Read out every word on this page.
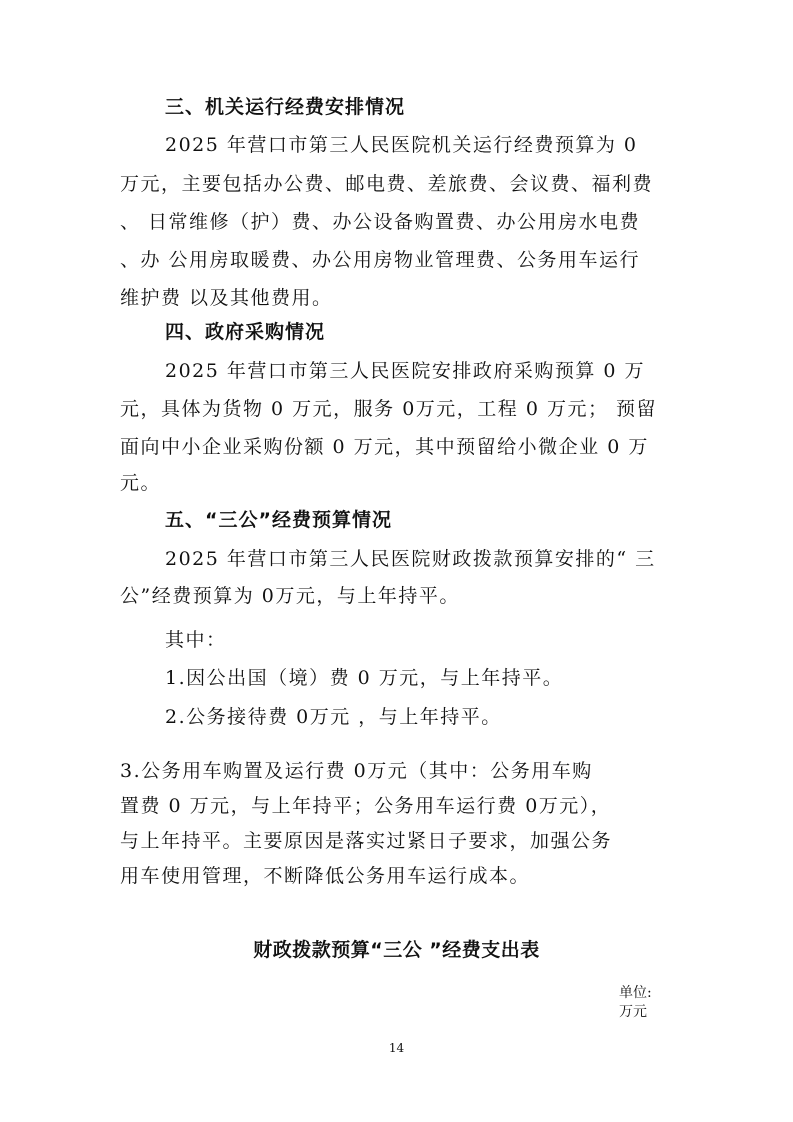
三、机关运行经费安排情况
2025 年营口市第三人民医院机关运行经费预算为 0
万元，主要包括办公费、邮电费、差旅费、会议费、福利费
、 日常维修（护）费、办公设备购置费、办公用房水电费
、办 公用房取暖费、办公用房物业管理费、公务用车运行
维护费 以及其他费用。
四、政府采购情况
2025 年营口市第三人民医院安排政府采购预算 0 万
元，具体为货物 0 万元，服务 0万元，工程 0 万元； 预留
面向中小企业采购份额 0 万元，其中预留给小微企业 0 万
元。
五、“三公”经费预算情况
2025 年营口市第三人民医院财政拨款预算安排的“ 三
公”经费预算为 0万元，与上年持平。
其中：
1.因公出国（境）费 0 万元，与上年持平。
2.公务接待费 0万元 ，与上年持平。
3.公务用车购置及运行费 0万元（其中：公务用车购
置费 0 万元，与上年持平；公务用车运行费 0万元），
与上年持平。主要原因是落实过紧日子要求，加强公务
用车使用管理，不断降低公务用车运行成本。
财政拨款预算“三公 ”经费支出表
单位:
万元
14
